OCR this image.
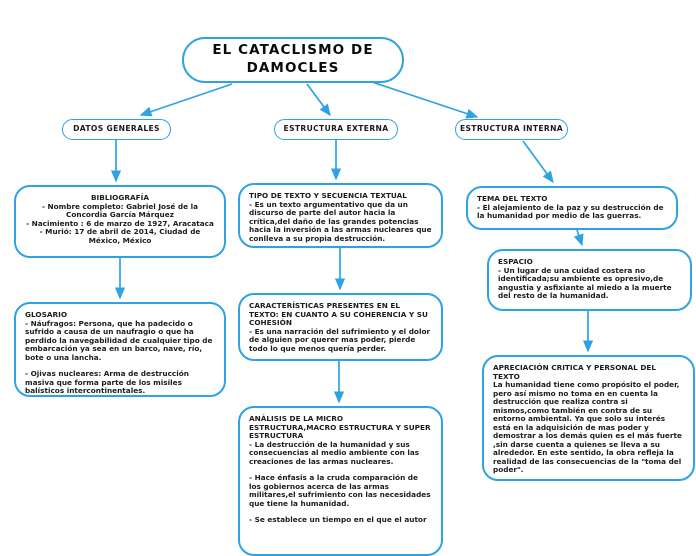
EL CATACLISMO DE
DAMOCLES
DATOS GENERALES	ESTRUCTURA EXTERNA	ESTRUCTURA INTERNA
BIBLIOGRAFÍA
- Nombre completo: Gabriel José de la Concordia García Márquez
- Nacimiento : 6 de marzo de 1927, Aracataca
- Murió: 17 de abril de 2014, Ciudad de México, México
GLOSARIO
- Náufragos: Persona, que ha padecido o sufrido a causa de un naufragio o que ha perdido la navegabilidad de cualquier tipo de embarcación ya sea en un barco, nave, río, bote o una lancha.
- Ojivas nucleares: Arma de destrucción masiva que forma parte de los misiles balísticos intercontinentales.
TIPO DE TEXTO Y SECUENCIA TEXTUAL
- Es un texto argumentativo que da un discurso de parte del autor hacia la crítica,del daño de las grandes potencias hacia la inversión a las armas nucleares que conlleva a su propia destrucción.
CARACTERÍSTICAS PRESENTES EN EL TEXTO: EN CUANTO A SU COHERENCIA Y SU COHESIÓN
- Es una narración del sufrimiento y el dolor de alguien por querer mas poder, pierde todo lo que menos quería perder.
ANÁLISIS DE LA MICRO ESTRUCTURA,MACRO ESTRUCTURA Y SUPER ESTRUCTURA
- La destrucción de la humanidad y sus consecuencias al medio ambiente con las creaciones de las armas nucleares.
- Hace énfasis a la cruda comparación de los gobiernos acerca de las armas militares,el sufrimiento con las necesidades que tiene la humanidad.
- Se establece un tiempo en el que el autor
TEMA DEL TEXTO
- El alejamiento de la paz y su destrucción de la humanidad por medio de las guerras.
ESPACIO
- Un lugar de una cuidad costera no identificada;su ambiente es opresivo,de angustia y asfixiante al miedo a la muerte del resto de la humanidad.
APRECIACIÓN CRITICA Y PERSONAL DEL TEXTO
La humanidad tiene como propósito el poder, pero así mismo no toma en en cuenta la destrucción que realiza contra si mismos,como también en contra de su entorno ambiental. Ya que solo su interés está en la adquisición de mas poder y demostrar a los demás quien es el más fuerte ,sin darse cuenta a quienes se lleva a su alrededor. En este sentido, la obra refleja la realidad de las consecuencias de la "toma del poder".
